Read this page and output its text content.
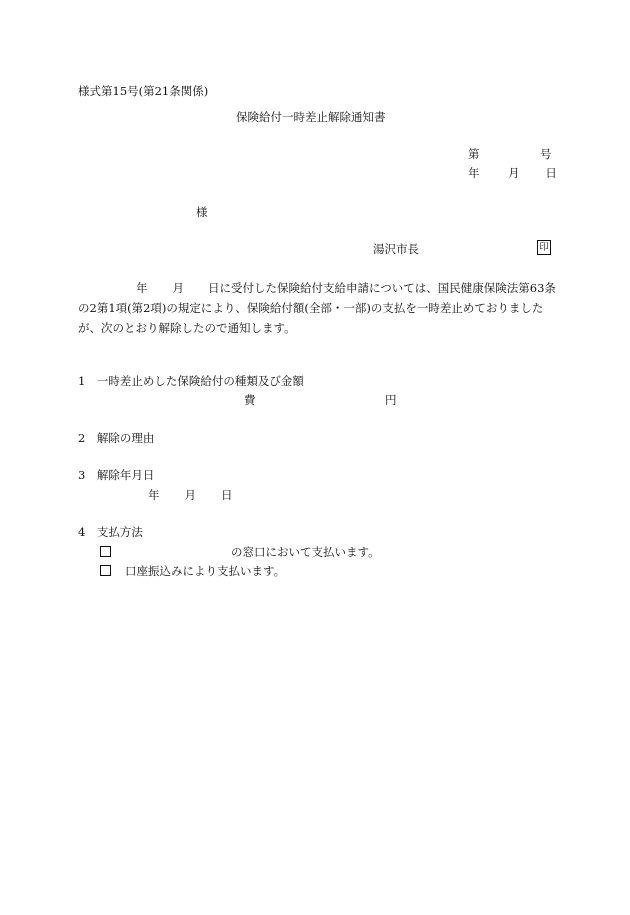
様式第15号(第21条関係)
保険給付一時差止解除通知書
第	号
年 月 日
様
湯沢市長	印

年 月 日に受付した保険給付支給申請については、国民健康保険法第63条の2第1項(第2項)の規定により、保険給付額(全部・一部)の支払を一時差止めておりましたが、次のとおり解除したので通知します。

1　一時差止めした保険給付の種類及び金額
費	円
2　解除の理由
3　解除年月日
年 月 日
4　支払方法
の窓口において支払います。
口座振込みにより支払います。
